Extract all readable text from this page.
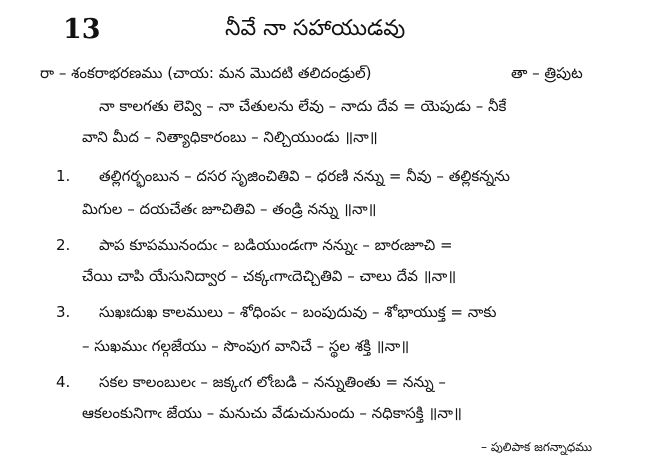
13	నీవే నా సహాయుడవు
రా – శంకరాభరణము (చాయ: మన మొదటి తలిదండ్రుల్)	తా – త్రిపుట
నా కాలగతు లెవ్వి – నా చేతులను లేవు – నాదు దేవ = యెపుడు – నీకే
వాని మీద – నిత్యాధికారంబు – నిల్చియుండు ॥నా॥
1. తల్లిగర్భంబున – దసర సృజించితివి – ధరణి నన్ను = నీవు – తల్లికన్నను
మిగుల – దయచేతఁ జూచితివి – తండ్రి నన్ను ॥నా॥
2. పాప కూపమునందుఁ – బడియుండఁగా నన్నుఁ – బారఁజూచి =
చేయి చాపి యేసునిద్వార – చక్కఁగాఁదెచ్చితివి – చాలు దేవ ॥నా॥
3. సుఖఃదుఖ కాలములు – శోధింపఁ – బంపుదువు – శోభాయుక్త = నాకు
– సుఖముఁ గల్గజేయు – సొంపుగ వానిచే – స్థల శక్తి ॥నా॥
4. సకల కాలంబులఁ – జక్కఁగ లోఁబడి – నన్నుతింతు = నన్ను –
ఆకలంకునిగాఁ జేయు – మనుచు వేడుచునుందు – నధికాసక్తి ॥నా॥
– పులిపాక జగన్నాధము
